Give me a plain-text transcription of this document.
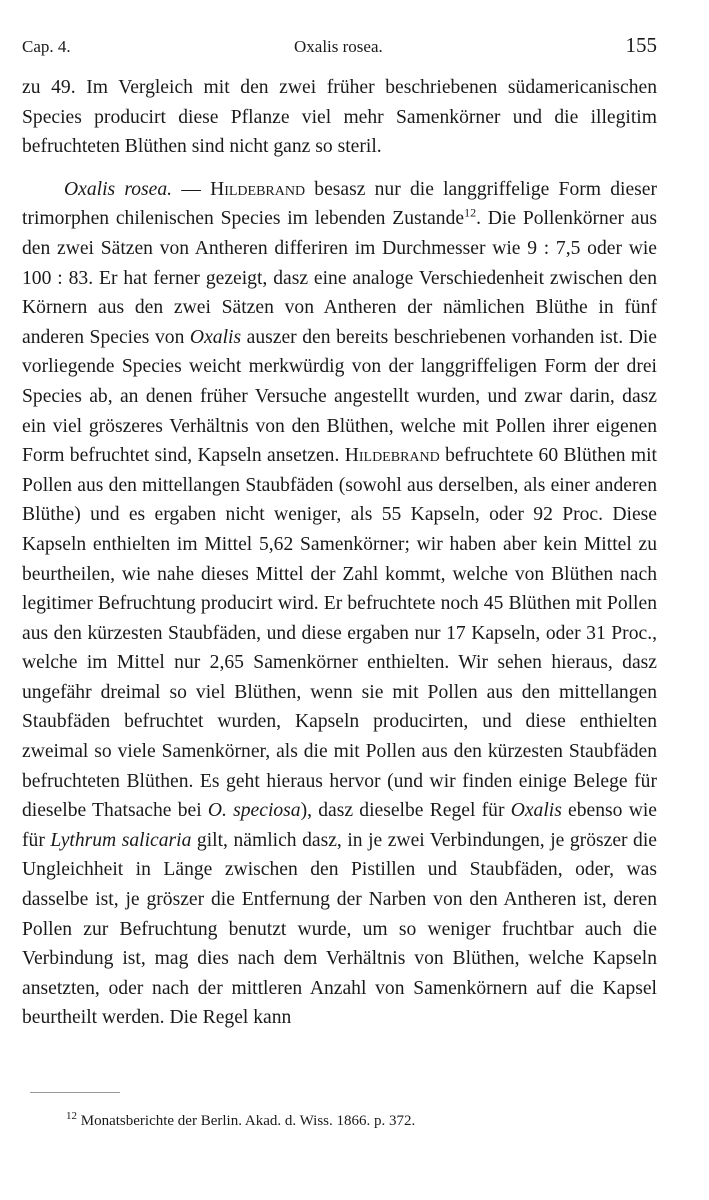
Cap. 4.	Oxalis rosea.	155

zu 49. Im Vergleich mit den zwei früher beschriebenen südamericanischen Species producirt diese Pflanze viel mehr Samenkörner und die illegitim befruchteten Blüthen sind nicht ganz so steril.

Oxalis rosea. — Hildebrand besasz nur die langgriffelige Form dieser trimorphen chilenischen Species im lebenden Zustande$^{12}$. Die Pollenkörner aus den zwei Sätzen von Antheren differiren im Durchmesser wie 9 : 7,5 oder wie 100 : 83. Er hat ferner gezeigt, dasz eine analoge Verschiedenheit zwischen den Körnern aus den zwei Sätzen von Antheren der nämlichen Blüthe in fünf anderen Species von Oxalis auszer den bereits beschriebenen vorhanden ist. Die vorliegende Species weicht merkwürdig von der langgriffeligen Form der drei Species ab, an denen früher Versuche angestellt wurden, und zwar darin, dasz ein viel gröszeres Verhältnis von den Blüthen, welche mit Pollen ihrer eigenen Form befruchtet sind, Kapseln ansetzen. Hildebrand befruchtete 60 Blüthen mit Pollen aus den mittellangen Staubfäden (sowohl aus derselben, als einer anderen Blüthe) und es ergaben nicht weniger, als 55 Kapseln, oder 92 Proc. Diese Kapseln enthielten im Mittel 5,62 Samenkörner; wir haben aber kein Mittel zu beurtheilen, wie nahe dieses Mittel der Zahl kommt, welche von Blüthen nach legitimer Befruchtung producirt wird. Er befruchtete noch 45 Blüthen mit Pollen aus den kürzesten Staubfäden, und diese ergaben nur 17 Kapseln, oder 31 Proc., welche im Mittel nur 2,65 Samenkörner enthielten. Wir sehen hieraus, dasz ungefähr dreimal so viel Blüthen, wenn sie mit Pollen aus den mittellangen Staubfäden befruchtet wurden, Kapseln producirten, und diese enthielten zweimal so viele Samenkörner, als die mit Pollen aus den kürzesten Staubfäden befruchteten Blüthen. Es geht hieraus hervor (und wir finden einige Belege für dieselbe Thatsache bei O. speciosa), dasz dieselbe Regel für Oxalis ebenso wie für Lythrum salicaria gilt, nämlich dasz, in je zwei Verbindungen, je gröszer die Ungleichheit in Länge zwischen den Pistillen und Staubfäden, oder, was dasselbe ist, je gröszer die Entfernung der Narben von den Antheren ist, deren Pollen zur Befruchtung benutzt wurde, um so weniger fruchtbar auch die Verbindung ist, mag dies nach dem Verhältnis von Blüthen, welche Kapseln ansetzten, oder nach der mittleren Anzahl von Samenkörnern auf die Kapsel beurtheilt werden. Die Regel kann

$^{12}$ Monatsberichte der Berlin. Akad. d. Wiss. 1866. p. 372.
